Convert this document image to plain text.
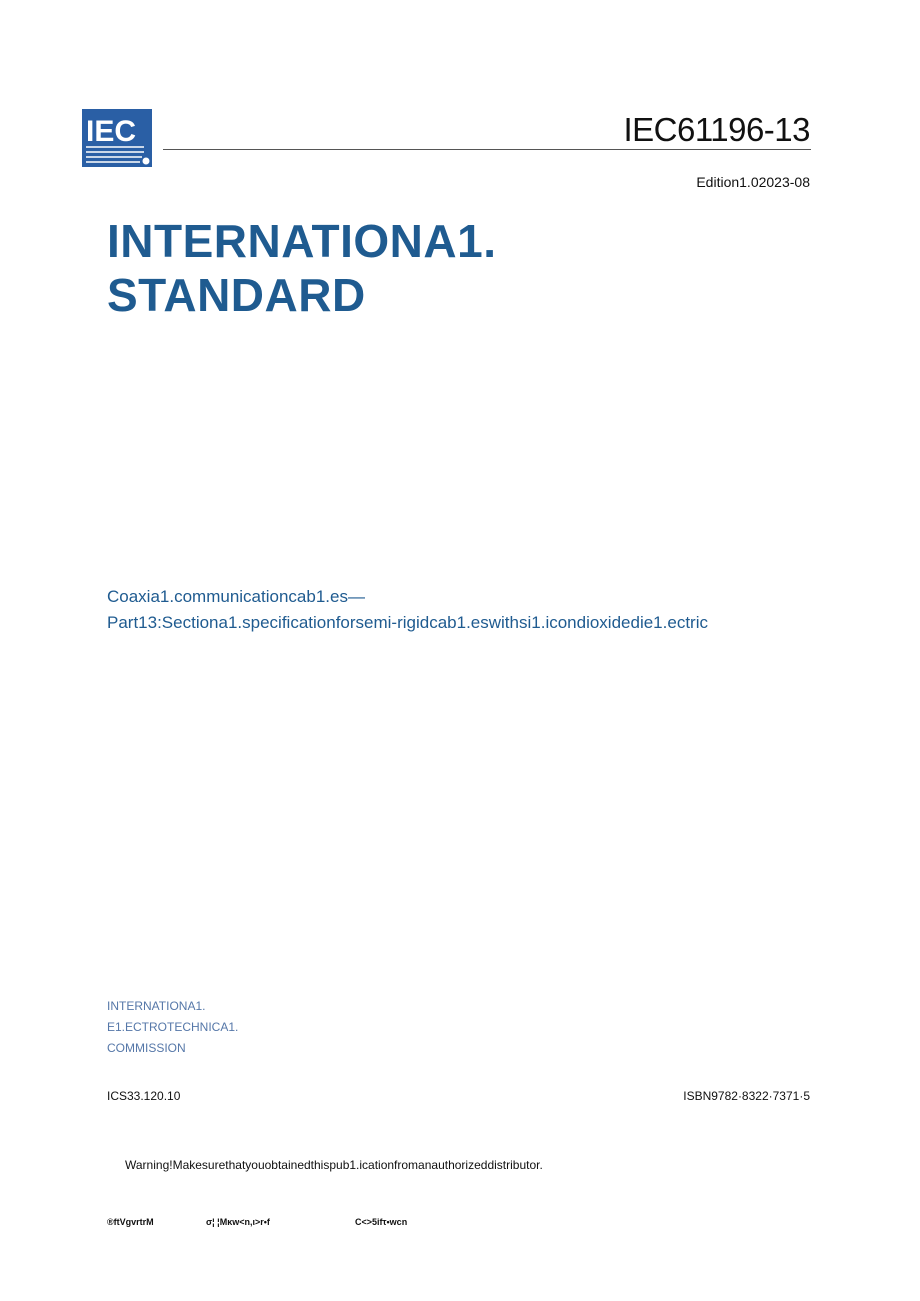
IEC	IEC61196-13
Edition1.02023-08
INTERNATIONA1.
STANDARD
Coaxia1.communicationcab1.es—
Part13:Sectiona1.specificationforsemi-rigidcab1.eswithsi1.icondioxidedie1.ectric
INTERNATIONA1.
E1.ECTROTECHNICA1.
COMMISSION
ICS33.120.10	ISBN9782·8322·7371·5
Warning!Makesurethatyouobtainedthispub1.icationfromanauthorizeddistributor.
®ftVgvrtrM	σ¦ ¦Mκw<n,ι>r•f	C<>5ifτ•wcn
